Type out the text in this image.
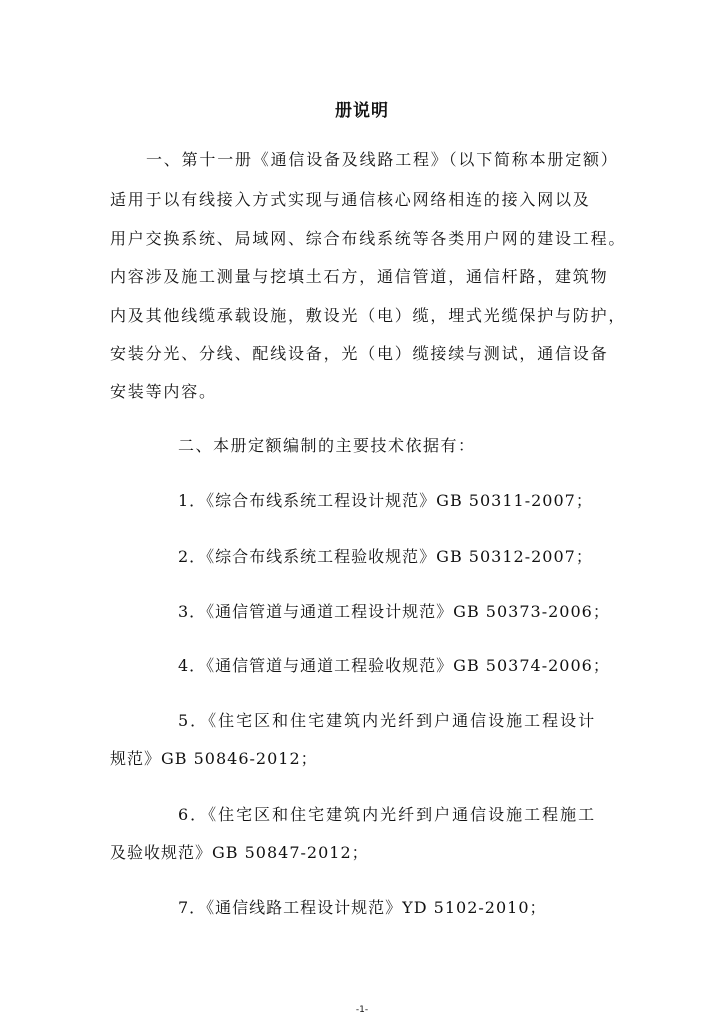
册说明
一、第十一册《通信设备及线路工程》（以下简称本册定额）
适用于以有线接入方式实现与通信核心网络相连的接入网以及
用户交换系统、局域网、综合布线系统等各类用户网的建设工程。
内容涉及施工测量与挖填土石方，通信管道，通信杆路，建筑物
内及其他线缆承载设施，敷设光（电）缆，埋式光缆保护与防护，
安装分光、分线、配线设备，光（电）缆接续与测试，通信设备
安装等内容。
二、本册定额编制的主要技术依据有：
1．《综合布线系统工程设计规范》GB 50311-2007；
2．《综合布线系统工程验收规范》GB 50312-2007；
3．《通信管道与通道工程设计规范》GB 50373-2006；
4．《通信管道与通道工程验收规范》GB 50374-2006；
5．《住宅区和住宅建筑内光纤到户通信设施工程设计
规范》GB 50846-2012；
6．《住宅区和住宅建筑内光纤到户通信设施工程施工
及验收规范》GB 50847-2012；
7．《通信线路工程设计规范》YD 5102-2010；
-1-
